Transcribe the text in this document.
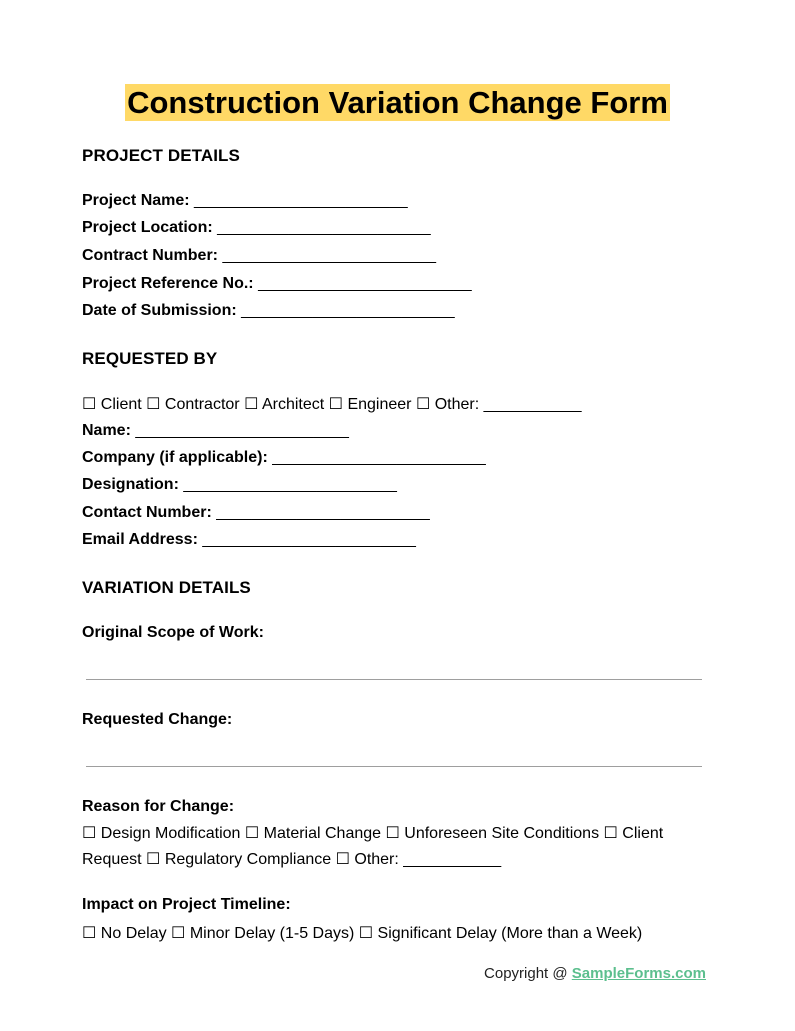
Construction Variation Change Form
PROJECT DETAILS
Project Name: ________________________
Project Location: ________________________
Contract Number: ________________________
Project Reference No.: ________________________
Date of Submission: ________________________
REQUESTED BY
☐ Client ☐ Contractor ☐ Architect ☐ Engineer ☐ Other: ___________
Name: ________________________
Company (if applicable): ________________________
Designation: ________________________
Contact Number: ________________________
Email Address: ________________________
VARIATION DETAILS
Original Scope of Work:
Requested Change:
Reason for Change:
☐ Design Modification ☐ Material Change ☐ Unforeseen Site Conditions ☐ Client Request ☐ Regulatory Compliance ☐ Other: ___________
Impact on Project Timeline:
☐ No Delay ☐ Minor Delay (1-5 Days) ☐ Significant Delay (More than a Week)
Copyright @ SampleForms.com
